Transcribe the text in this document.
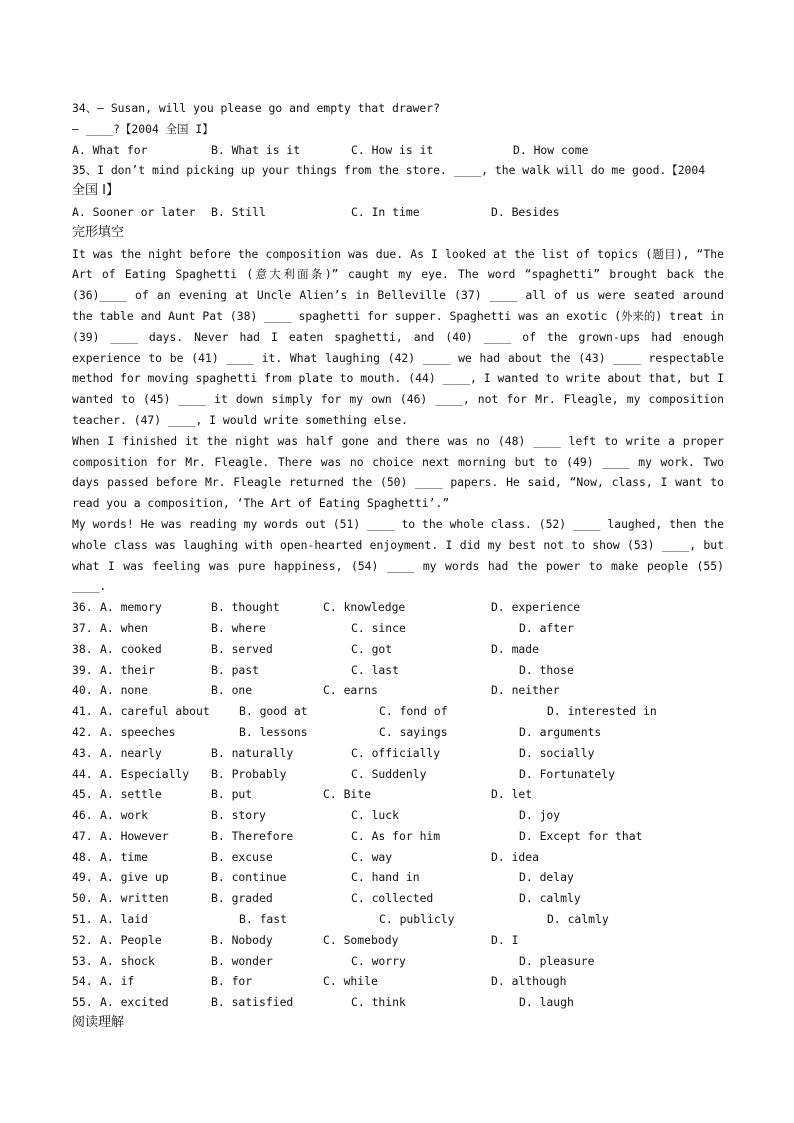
34、— Susan, will you please go and empty that drawer?
— ____?【2004 全国 I】
A. What for	B. What is it	C. How is it	D. How come
35、I don’t mind picking up your things from the store. ____, the walk will do me good.【2004
全国 I】
A. Sooner or later B. Still	C. In time	D. Besides
完形填空
It was the night before the composition was due. As I looked at the list of topics (题目), “The Art of Eating Spaghetti (意大利面条)” caught my eye. The word “spaghetti” brought back the (36)____ of an evening at Uncle Alien’s in Belleville (37) ____ all of us were seated around the table and Aunt Pat (38) ____ spaghetti for supper. Spaghetti was an exotic (外来的) treat in (39) ____ days. Never had I eaten spaghetti, and (40) ____ of the grown-ups had enough experience to be (41) ____ it. What laughing (42) ____ we had about the (43) ____ respectable method for moving spaghetti from plate to mouth. (44) ____, I wanted to write about that, but I wanted to (45) ____ it down simply for my own (46) ____, not for Mr. Fleagle, my composition teacher. (47) ____, I would write something else.
When I finished it the night was half gone and there was no (48) ____ left to write a proper composition for Mr. Fleagle. There was no choice next morning but to (49) ____ my work. Two days passed before Mr. Fleagle returned the (50) ____ papers. He said, “Now, class, I want to read you a composition, ‘The Art of Eating Spaghetti’.”
My words! He was reading my words out (51) ____ to the whole class. (52) ____ laughed, then the whole class was laughing with open-hearted enjoyment. I did my best not to show (53) ____, but what I was feeling was pure happiness, (54) ____ my words had the power to make people (55) ____.
36. A. memory	B. thought	C. knowledge	D. experience
37. A. when	B. where	C. since	D. after
38. A. cooked	B. served	C. got	D. made
39. A. their	B. past	C. last	D. those
40. A. none	B. one	C. earns	D. neither
41. A. careful about	B. good at	C. fond of	D. interested in
42. A. speeches	B. lessons	C. sayings	D. arguments
43. A. nearly	B. naturally	C. officially	D. socially
44. A. Especially B. Probably	C. Suddenly	D. Fortunately
45. A. settle	B. put	C. Bite	D. let
46. A. work	B. story	C. luck	D. joy
47. A. However	B. Therefore	C. As for him	D. Except for that
48. A. time	B. excuse	C. way	D. idea
49. A. give up	B. continue	C. hand in	D. delay
50. A. written	B. graded	C. collected	D. calmly
51. A. laid	B. fast	C. publicly	D. calmly
52. A. People	B. Nobody	C. Somebody	D. I
53. A. shock	B. wonder	C. worry	D. pleasure
54. A. if	B. for	C. while	D. although
55. A. excited	B. satisfied	C. think	D. laugh
阅读理解
